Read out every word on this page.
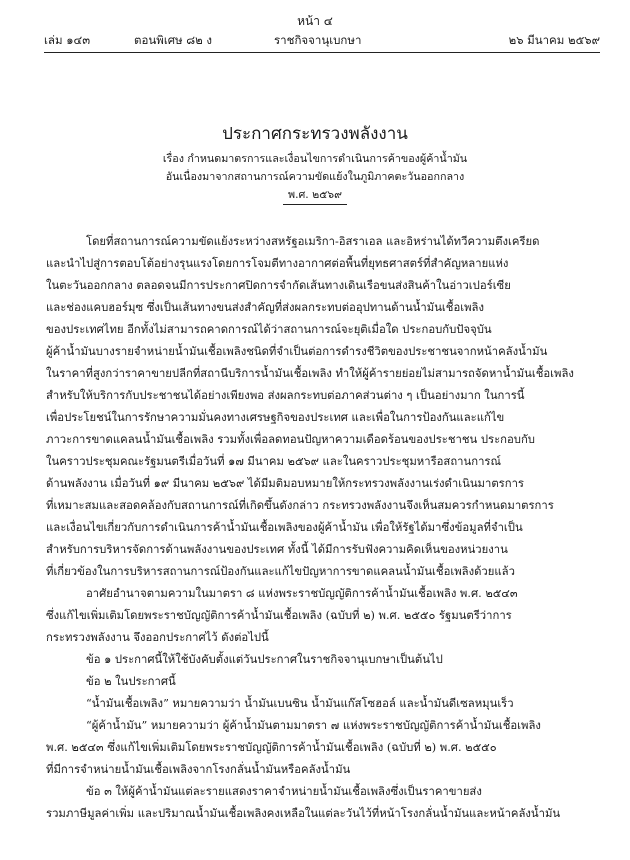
หน้า ๔
เล่ม ๑๔๓	ตอนพิเศษ ๘๒ ง	ราชกิจจานุเบกษา	๒๖ มีนาคม ๒๕๖๙
ประกาศกระทรวงพลังงาน
เรื่อง กำหนดมาตรการและเงื่อนไขการดำเนินการค้าของผู้ค้าน้ำมัน
อันเนื่องมาจากสถานการณ์ความขัดแย้งในภูมิภาคตะวันออกกลาง
พ.ศ. ๒๕๖๙
โดยที่สถานการณ์ความขัดแย้งระหว่างสหรัฐอเมริกา-อิสราเอล และอิหร่านได้ทวีความตึงเครียด
และนำไปสู่การตอบโต้อย่างรุนแรงโดยการโจมตีทางอากาศต่อพื้นที่ยุทธศาสตร์ที่สำคัญหลายแห่ง
ในตะวันออกกลาง ตลอดจนมีการประกาศปิดการจำกัดเส้นทางเดินเรือขนส่งสินค้าในอ่าวเปอร์เซีย
และช่องแคบฮอร์มุซ ซึ่งเป็นเส้นทางขนส่งสำคัญที่ส่งผลกระทบต่ออุปทานด้านน้ำมันเชื้อเพลิง
ของประเทศไทย อีกทั้งไม่สามารถคาดการณ์ได้ว่าสถานการณ์จะยุติเมื่อใด ประกอบกับปัจจุบัน
ผู้ค้าน้ำมันบางรายจำหน่ายน้ำมันเชื้อเพลิงชนิดที่จำเป็นต่อการดำรงชีวิตของประชาชนจากหน้าคลังน้ำมัน
ในราคาที่สูงกว่าราคาขายปลีกที่สถานีบริการน้ำมันเชื้อเพลิง ทำให้ผู้ค้ารายย่อยไม่สามารถจัดหาน้ำมันเชื้อเพลิง
สำหรับให้บริการกับประชาชนได้อย่างเพียงพอ ส่งผลกระทบต่อภาคส่วนต่าง ๆ เป็นอย่างมาก ในการนี้
เพื่อประโยชน์ในการรักษาความมั่นคงทางเศรษฐกิจของประเทศ และเพื่อในการป้องกันและแก้ไข
ภาวะการขาดแคลนน้ำมันเชื้อเพลิง รวมทั้งเพื่อลดทอนปัญหาความเดือดร้อนของประชาชน ประกอบกับ
ในคราวประชุมคณะรัฐมนตรีเมื่อวันที่ ๑๗ มีนาคม ๒๕๖๙ และในคราวประชุมหารือสถานการณ์
ด้านพลังงาน เมื่อวันที่ ๑๙ มีนาคม ๒๕๖๙ ได้มีมติมอบหมายให้กระทรวงพลังงานเร่งดำเนินมาตรการ
ที่เหมาะสมและสอดคล้องกับสถานการณ์ที่เกิดขึ้นดังกล่าว กระทรวงพลังงานจึงเห็นสมควรกำหนดมาตรการ
และเงื่อนไขเกี่ยวกับการดำเนินการค้าน้ำมันเชื้อเพลิงของผู้ค้าน้ำมัน เพื่อให้รัฐได้มาซึ่งข้อมูลที่จำเป็น
สำหรับการบริหารจัดการด้านพลังงานของประเทศ ทั้งนี้ ได้มีการรับฟังความคิดเห็นของหน่วยงาน
ที่เกี่ยวข้องในการบริหารสถานการณ์ป้องกันและแก้ไขปัญหาการขาดแคลนน้ำมันเชื้อเพลิงด้วยแล้ว
อาศัยอำนาจตามความในมาตรา ๘ แห่งพระราชบัญญัติการค้าน้ำมันเชื้อเพลิง พ.ศ. ๒๕๔๓
ซึ่งแก้ไขเพิ่มเติมโดยพระราชบัญญัติการค้าน้ำมันเชื้อเพลิง (ฉบับที่ ๒) พ.ศ. ๒๕๕๐ รัฐมนตรีว่าการ
กระทรวงพลังงาน จึงออกประกาศไว้ ดังต่อไปนี้
ข้อ ๑ ประกาศนี้ให้ใช้บังคับตั้งแต่วันประกาศในราชกิจจานุเบกษาเป็นต้นไป
ข้อ ๒ ในประกาศนี้
“น้ำมันเชื้อเพลิง” หมายความว่า น้ำมันเบนซิน น้ำมันแก๊สโซฮอล์ และน้ำมันดีเซลหมุนเร็ว
“ผู้ค้าน้ำมัน” หมายความว่า ผู้ค้าน้ำมันตามมาตรา ๗ แห่งพระราชบัญญัติการค้าน้ำมันเชื้อเพลิง
พ.ศ. ๒๕๔๓ ซึ่งแก้ไขเพิ่มเติมโดยพระราชบัญญัติการค้าน้ำมันเชื้อเพลิง (ฉบับที่ ๒) พ.ศ. ๒๕๕๐
ที่มีการจำหน่ายน้ำมันเชื้อเพลิงจากโรงกลั่นน้ำมันหรือคลังน้ำมัน
ข้อ ๓ ให้ผู้ค้าน้ำมันแต่ละรายแสดงราคาจำหน่ายน้ำมันเชื้อเพลิงซึ่งเป็นราคาขายส่ง
รวมภาษีมูลค่าเพิ่ม และปริมาณน้ำมันเชื้อเพลิงคงเหลือในแต่ละวันไว้ที่หน้าโรงกลั่นน้ำมันและหน้าคลังน้ำมัน
